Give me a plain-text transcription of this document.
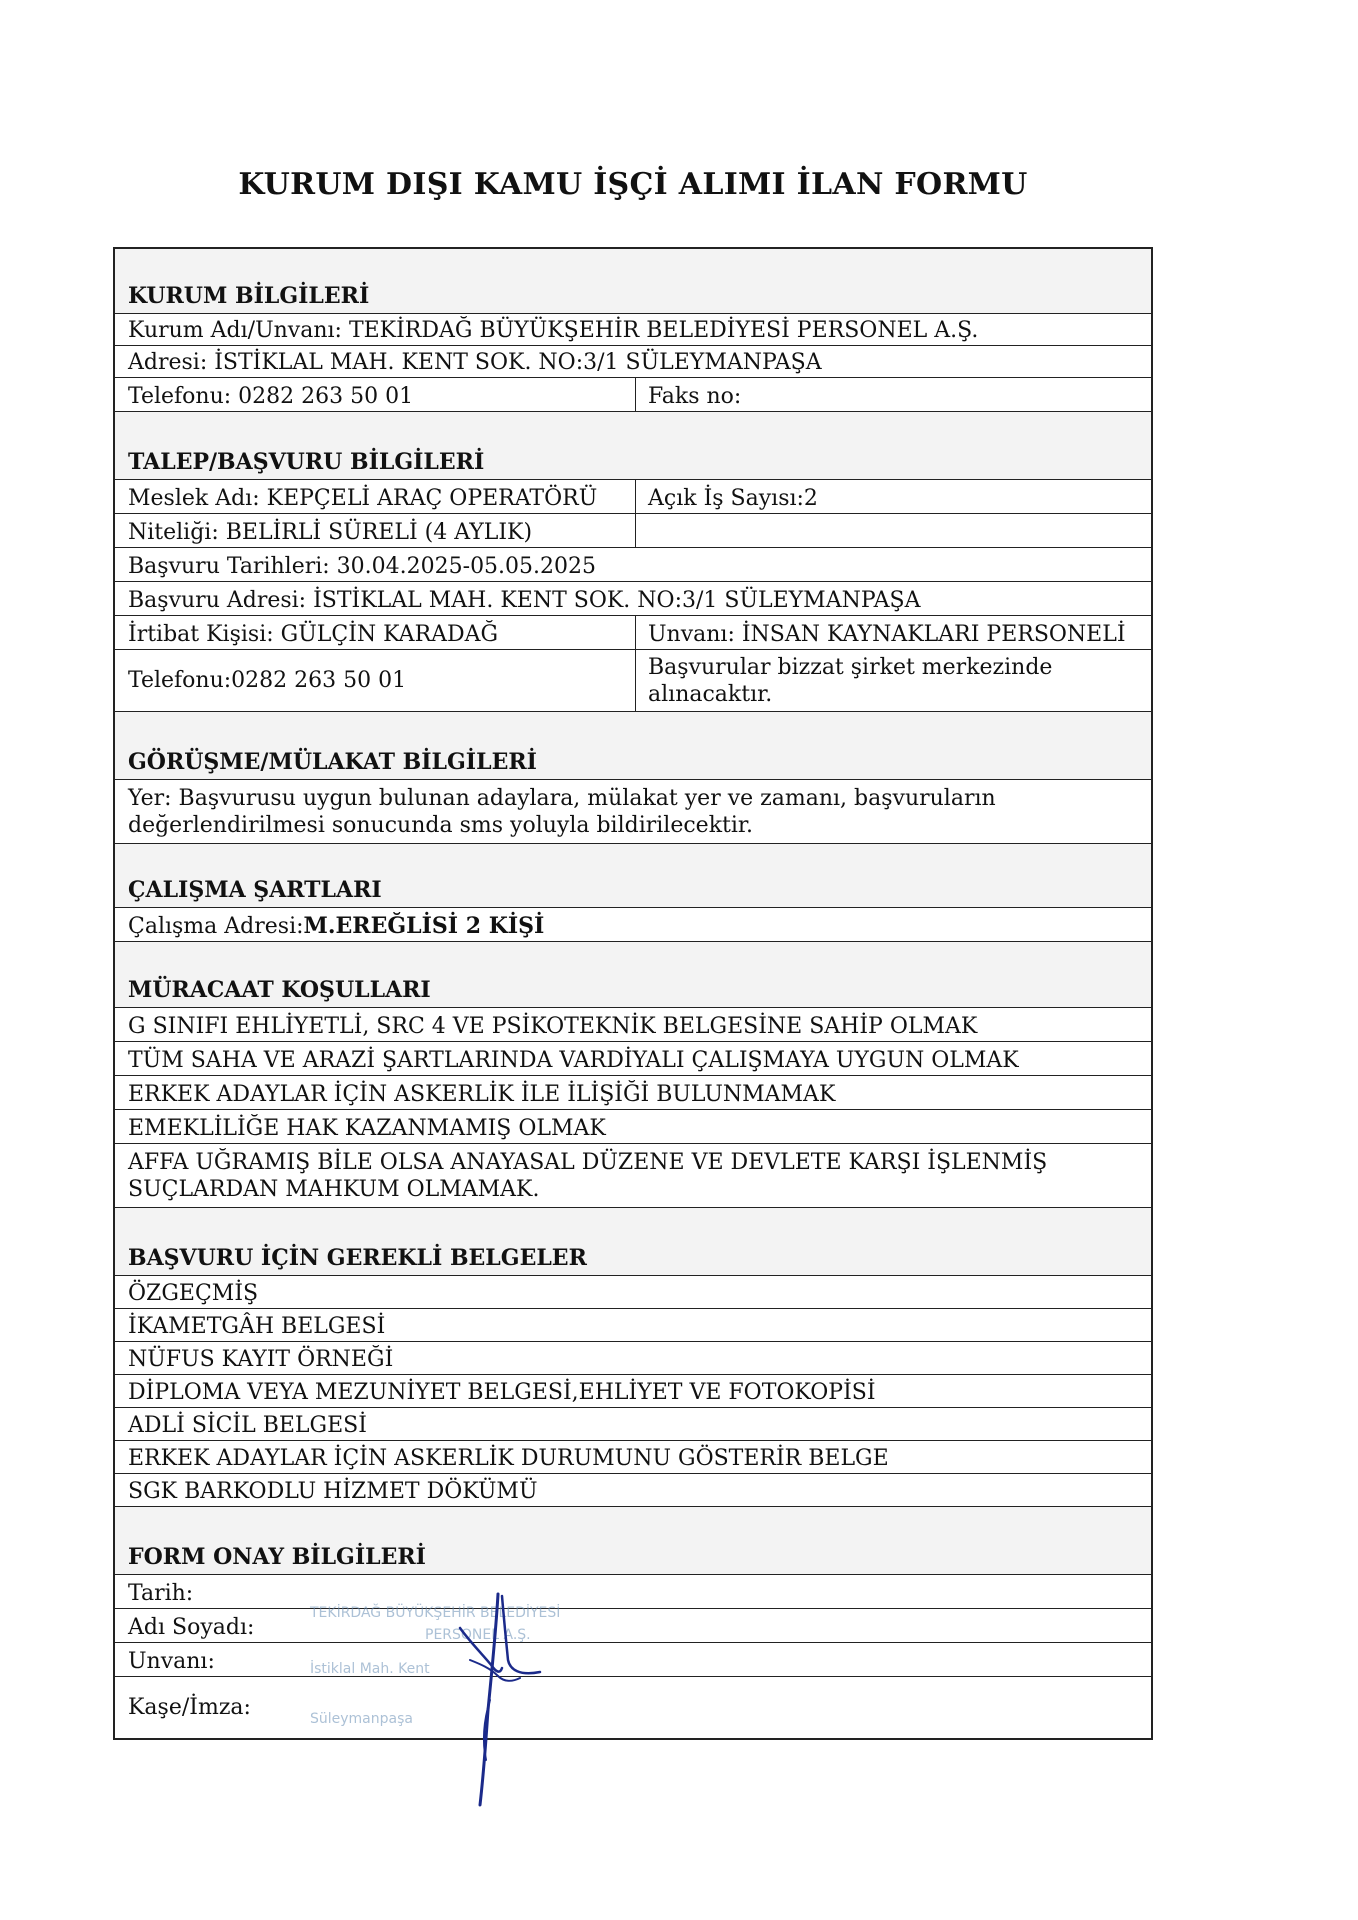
KURUM DIŞI KAMU İŞÇİ ALIMI İLAN FORMU
KURUM BİLGİLERİ
Kurum Adı/Unvanı: TEKİRDAĞ BÜYÜKŞEHİR BELEDİYESİ PERSONEL A.Ş.
Adresi: İSTİKLAL MAH. KENT SOK. NO:3/1 SÜLEYMANPAŞA
Telefonu: 0282 263 50 01	Faks no:
TALEP/BAŞVURU BİLGİLERİ
Meslek Adı: KEPÇELİ ARAÇ OPERATÖRÜ Açık İş Sayısı:2
Niteliği: BELİRLİ SÜRELİ (4 AYLIK)
Başvuru Tarihleri: 30.04.2025-05.05.2025
Başvuru Adresi: İSTİKLAL MAH. KENT SOK. NO:3/1 SÜLEYMANPAŞA
İrtibat Kişisi: GÜLÇİN KARADAĞ	Unvanı: İNSAN KAYNAKLARI PERSONELİ
Telefonu:0282 263 50 01
Başvurular bizzat şirket merkezinde alınacaktır.
GÖRÜŞME/MÜLAKAT BİLGİLERİ
Yer: Başvurusu uygun bulunan adaylara, mülakat yer ve zamanı, başvuruların değerlendirilmesi sonucunda sms yoluyla bildirilecektir.
ÇALIŞMA ŞARTLARI
Çalışma Adresi: M.EREĞLİSİ 2 KİŞİ
MÜRACAAT KOŞULLARI
G SINIFI EHLİYETLİ, SRC 4 VE PSİKOTEKNİK BELGESİNE SAHİP OLMAK
TÜM SAHA VE ARAZİ ŞARTLARINDA VARDİYALI ÇALIŞMAYA UYGUN OLMAK
ERKEK ADAYLAR İÇİN ASKERLİK İLE İLİŞİĞİ BULUNMAMAK
EMEKLİLİĞE HAK KAZANMAMIŞ OLMAK
AFFA UĞRAMIŞ BİLE OLSA ANAYASAL DÜZENE VE DEVLETE KARŞI İŞLENMİŞ SUÇLARDAN MAHKUM OLMAMAK.
BAŞVURU İÇİN GEREKLİ BELGELER
ÖZGEÇMİŞ
İKAMETGÂH BELGESİ
NÜFUS KAYIT ÖRNEĞİ
DİPLOMA VEYA MEZUNİYET BELGESİ,EHLİYET VE FOTOKOPİSİ
ADLİ SİCİL BELGESİ
ERKEK ADAYLAR İÇİN ASKERLİK DURUMUNU GÖSTERİR BELGE
SGK BARKODLU HİZMET DÖKÜMÜ
FORM ONAY BİLGİLERİ
Tarih:
Adı Soyadı:
Unvanı:
Kaşe/İmza:
TEKİRDAĞ BÜYÜKŞEHİR BELEDİYESİ
PERSONEL A.Ş.
İstiklal Mah. Kent
Süleymanpaşa
